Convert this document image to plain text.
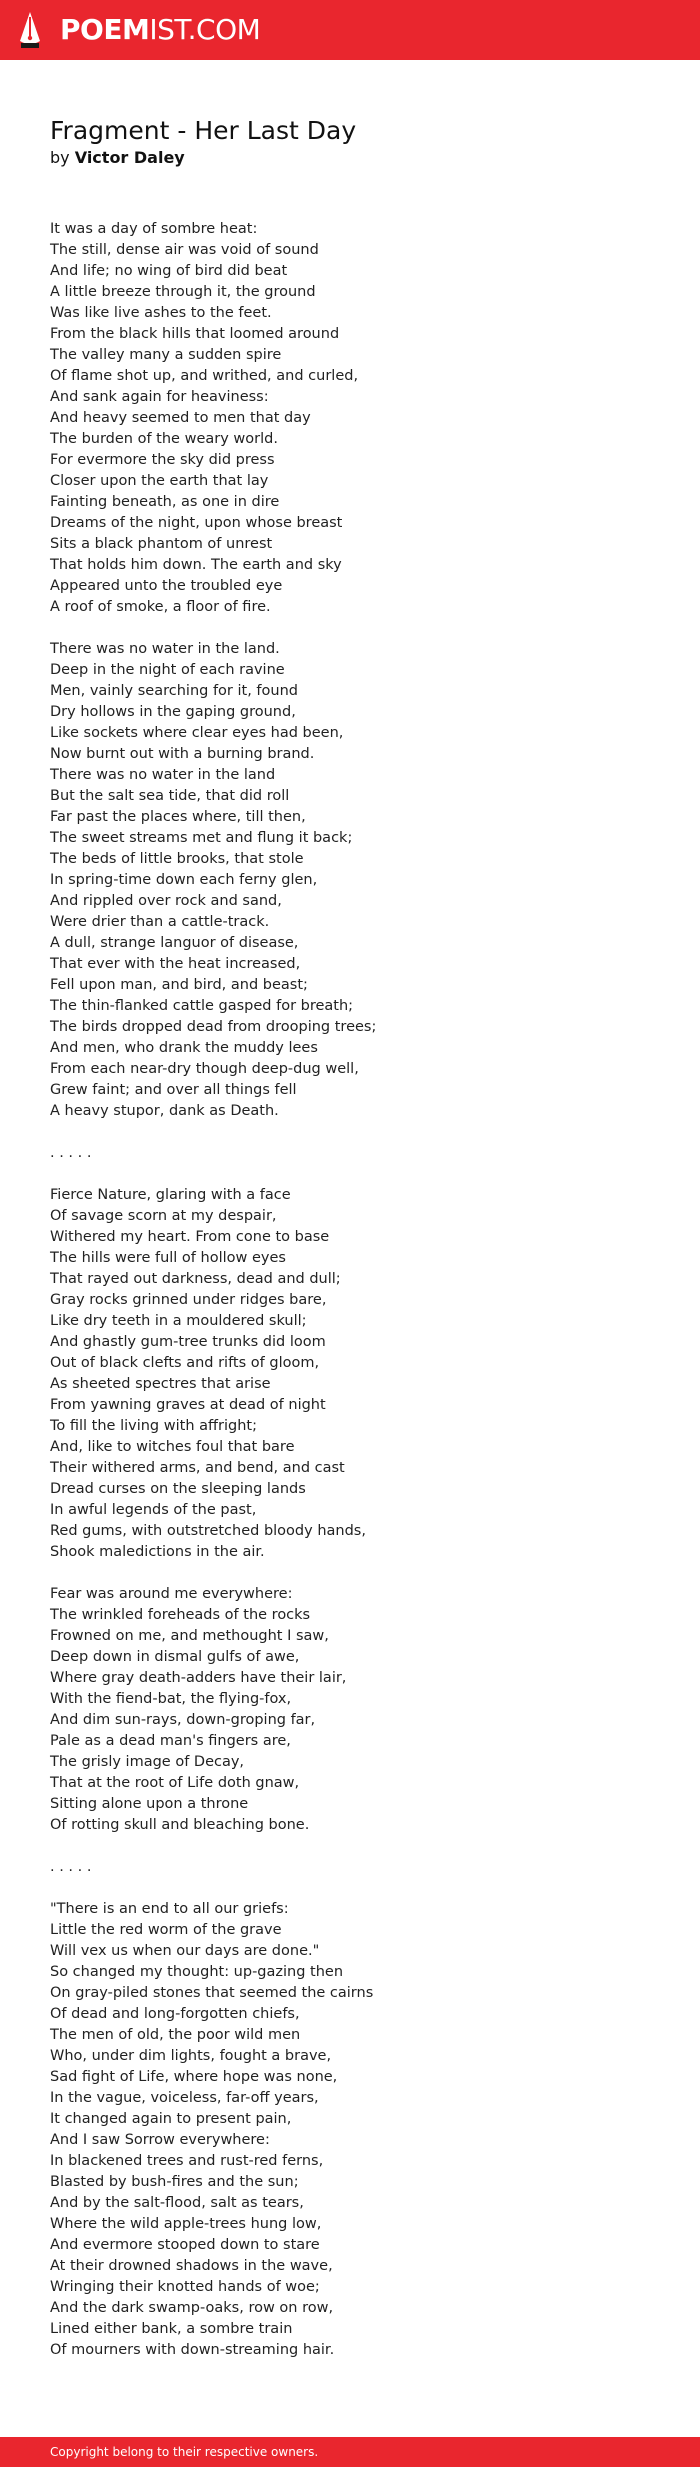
POEMIST.COM
Fragment - Her Last Day
by Victor Daley
It was a day of sombre heat:
The still, dense air was void of sound
And life; no wing of bird did beat
A little breeze through it, the ground
Was like live ashes to the feet.
From the black hills that loomed around
The valley many a sudden spire
Of flame shot up, and writhed, and curled,
And sank again for heaviness:
And heavy seemed to men that day
The burden of the weary world.
For evermore the sky did press
Closer upon the earth that lay
Fainting beneath, as one in dire
Dreams of the night, upon whose breast
Sits a black phantom of unrest
That holds him down. The earth and sky
Appeared unto the troubled eye
A roof of smoke, a floor of fire.
There was no water in the land.
Deep in the night of each ravine
Men, vainly searching for it, found
Dry hollows in the gaping ground,
Like sockets where clear eyes had been,
Now burnt out with a burning brand.
There was no water in the land
But the salt sea tide, that did roll
Far past the places where, till then,
The sweet streams met and flung it back;
The beds of little brooks, that stole
In spring-time down each ferny glen,
And rippled over rock and sand,
Were drier than a cattle-track.
A dull, strange languor of disease,
That ever with the heat increased,
Fell upon man, and bird, and beast;
The thin-flanked cattle gasped for breath;
The birds dropped dead from drooping trees;
And men, who drank the muddy lees
From each near-dry though deep-dug well,
Grew faint; and over all things fell
A heavy stupor, dank as Death.
. . . . .
Fierce Nature, glaring with a face
Of savage scorn at my despair,
Withered my heart. From cone to base
The hills were full of hollow eyes
That rayed out darkness, dead and dull;
Gray rocks grinned under ridges bare,
Like dry teeth in a mouldered skull;
And ghastly gum-tree trunks did loom
Out of black clefts and rifts of gloom,
As sheeted spectres that arise
From yawning graves at dead of night
To fill the living with affright;
And, like to witches foul that bare
Their withered arms, and bend, and cast
Dread curses on the sleeping lands
In awful legends of the past,
Red gums, with outstretched bloody hands,
Shook maledictions in the air.
Fear was around me everywhere:
The wrinkled foreheads of the rocks
Frowned on me, and methought I saw,
Deep down in dismal gulfs of awe,
Where gray death-adders have their lair,
With the fiend-bat, the flying-fox,
And dim sun-rays, down-groping far,
Pale as a dead man's fingers are,
The grisly image of Decay,
That at the root of Life doth gnaw,
Sitting alone upon a throne
Of rotting skull and bleaching bone.
. . . . .
"There is an end to all our griefs:
Little the red worm of the grave
Will vex us when our days are done."
So changed my thought: up-gazing then
On gray-piled stones that seemed the cairns
Of dead and long-forgotten chiefs,
The men of old, the poor wild men
Who, under dim lights, fought a brave,
Sad fight of Life, where hope was none,
In the vague, voiceless, far-off years,
It changed again to present pain,
And I saw Sorrow everywhere:
In blackened trees and rust-red ferns,
Blasted by bush-fires and the sun;
And by the salt-flood, salt as tears,
Where the wild apple-trees hung low,
And evermore stooped down to stare
At their drowned shadows in the wave,
Wringing their knotted hands of woe;
And the dark swamp-oaks, row on row,
Lined either bank, a sombre train
Of mourners with down-streaming hair.
Copyright belong to their respective owners.
